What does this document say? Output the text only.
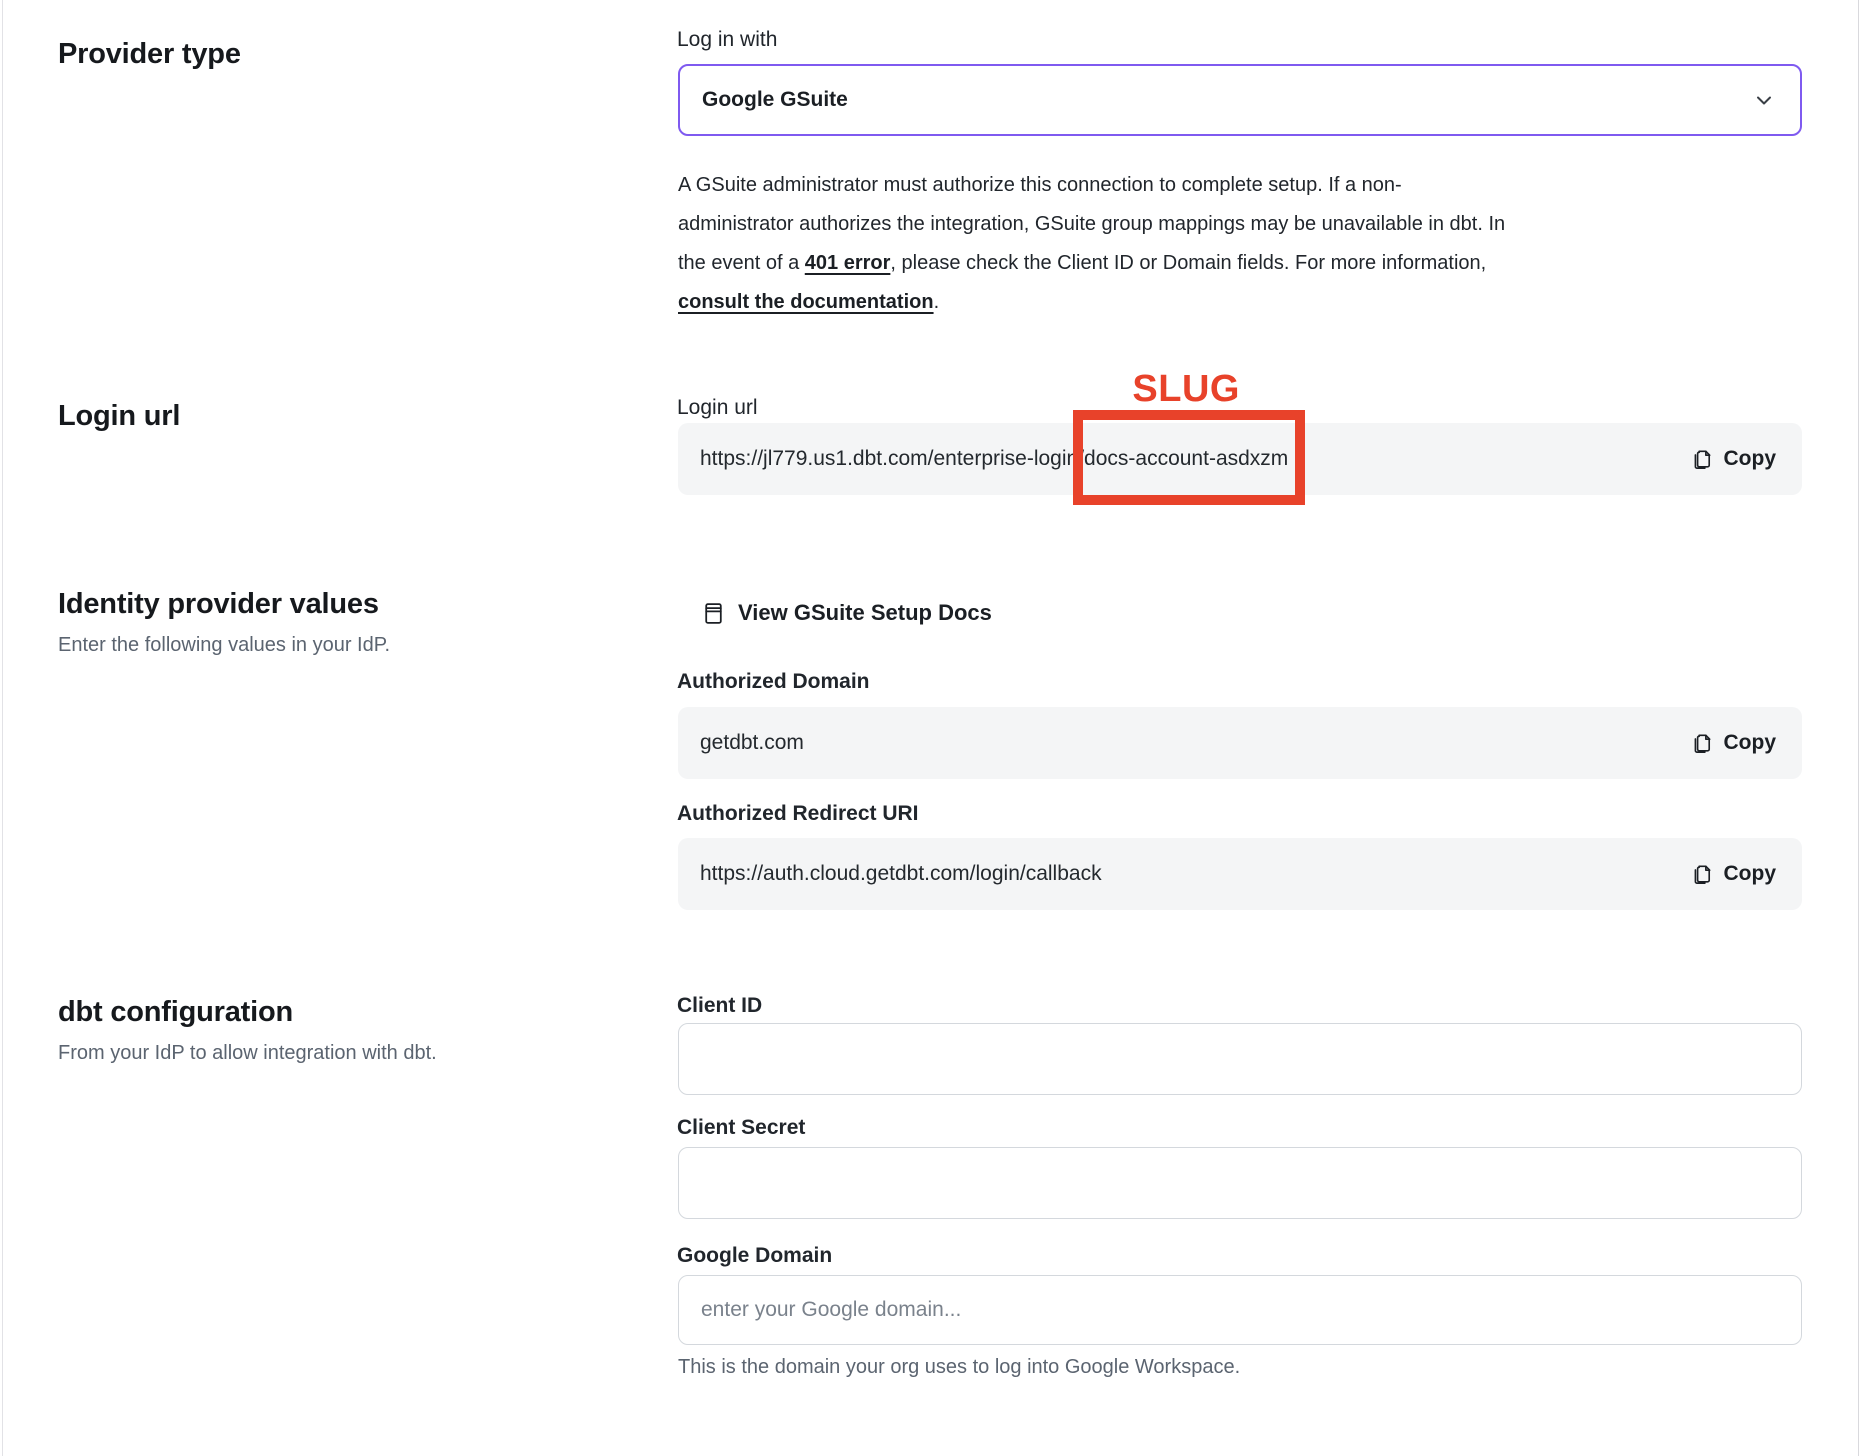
Provider type	Log in with
Google GSuite
A GSuite administrator must authorize this connection to complete setup. If a non-
administrator authorizes the integration, GSuite group mappings may be unavailable in dbt. In
the event of a 401 error, please check the Client ID or Domain fields. For more information,
consult the documentation.
Login url	Login url
https://jl779.us1.dbt.com/enterprise-login/
SLUG
docs-account-asdxzm	Copy
Identity provider values
Enter the following values in your IdP.
View GSuite Setup Docs
Authorized Domain
getdbt.com	Copy
Authorized Redirect URI
https://auth.cloud.getdbt.com/login/callback	Copy
dbt configuration
From your IdP to allow integration with dbt.
Client ID
Client Secret
Google Domain
enter your Google domain...
This is the domain your org uses to log into Google Workspace.
